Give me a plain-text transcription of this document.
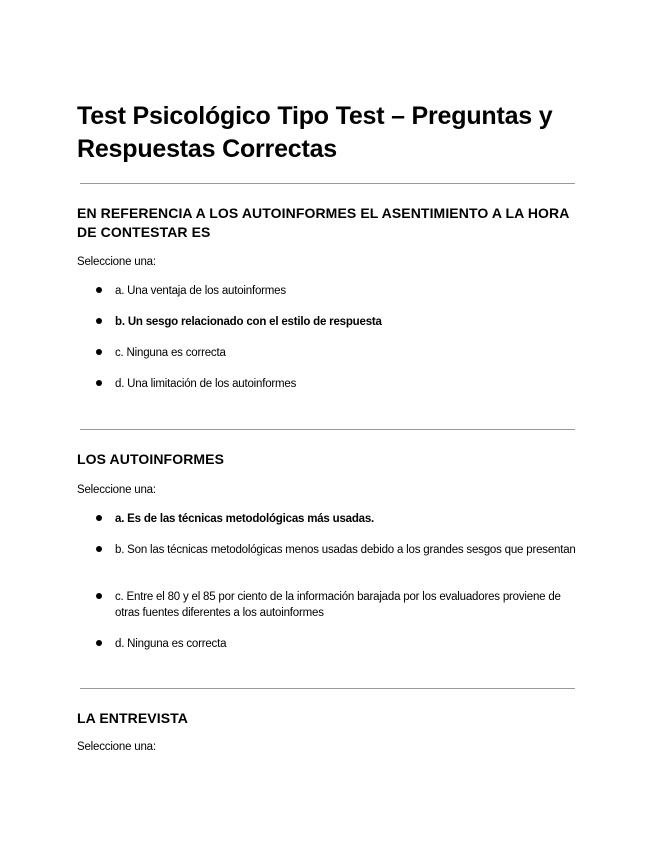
Test Psicológico Tipo Test – Preguntas y Respuestas Correctas
EN REFERENCIA A LOS AUTOINFORMES EL ASENTIMIENTO A LA HORA DE CONTESTAR ES

Seleccione una:

a. Una ventaja de los autoinformes
b. Un sesgo relacionado con el estilo de respuesta
c. Ninguna es correcta
d. Una limitación de los autoinformes
LOS AUTOINFORMES

Seleccione una:

a. Es de las técnicas metodológicas más usadas.
b. Son las técnicas metodológicas menos usadas debido a los grandes sesgos que presentan
c. Entre el 80 y el 85 por ciento de la información barajada por los evaluadores proviene de otras fuentes diferentes a los autoinformes
d. Ninguna es correcta
LA ENTREVISTA

Seleccione una:
